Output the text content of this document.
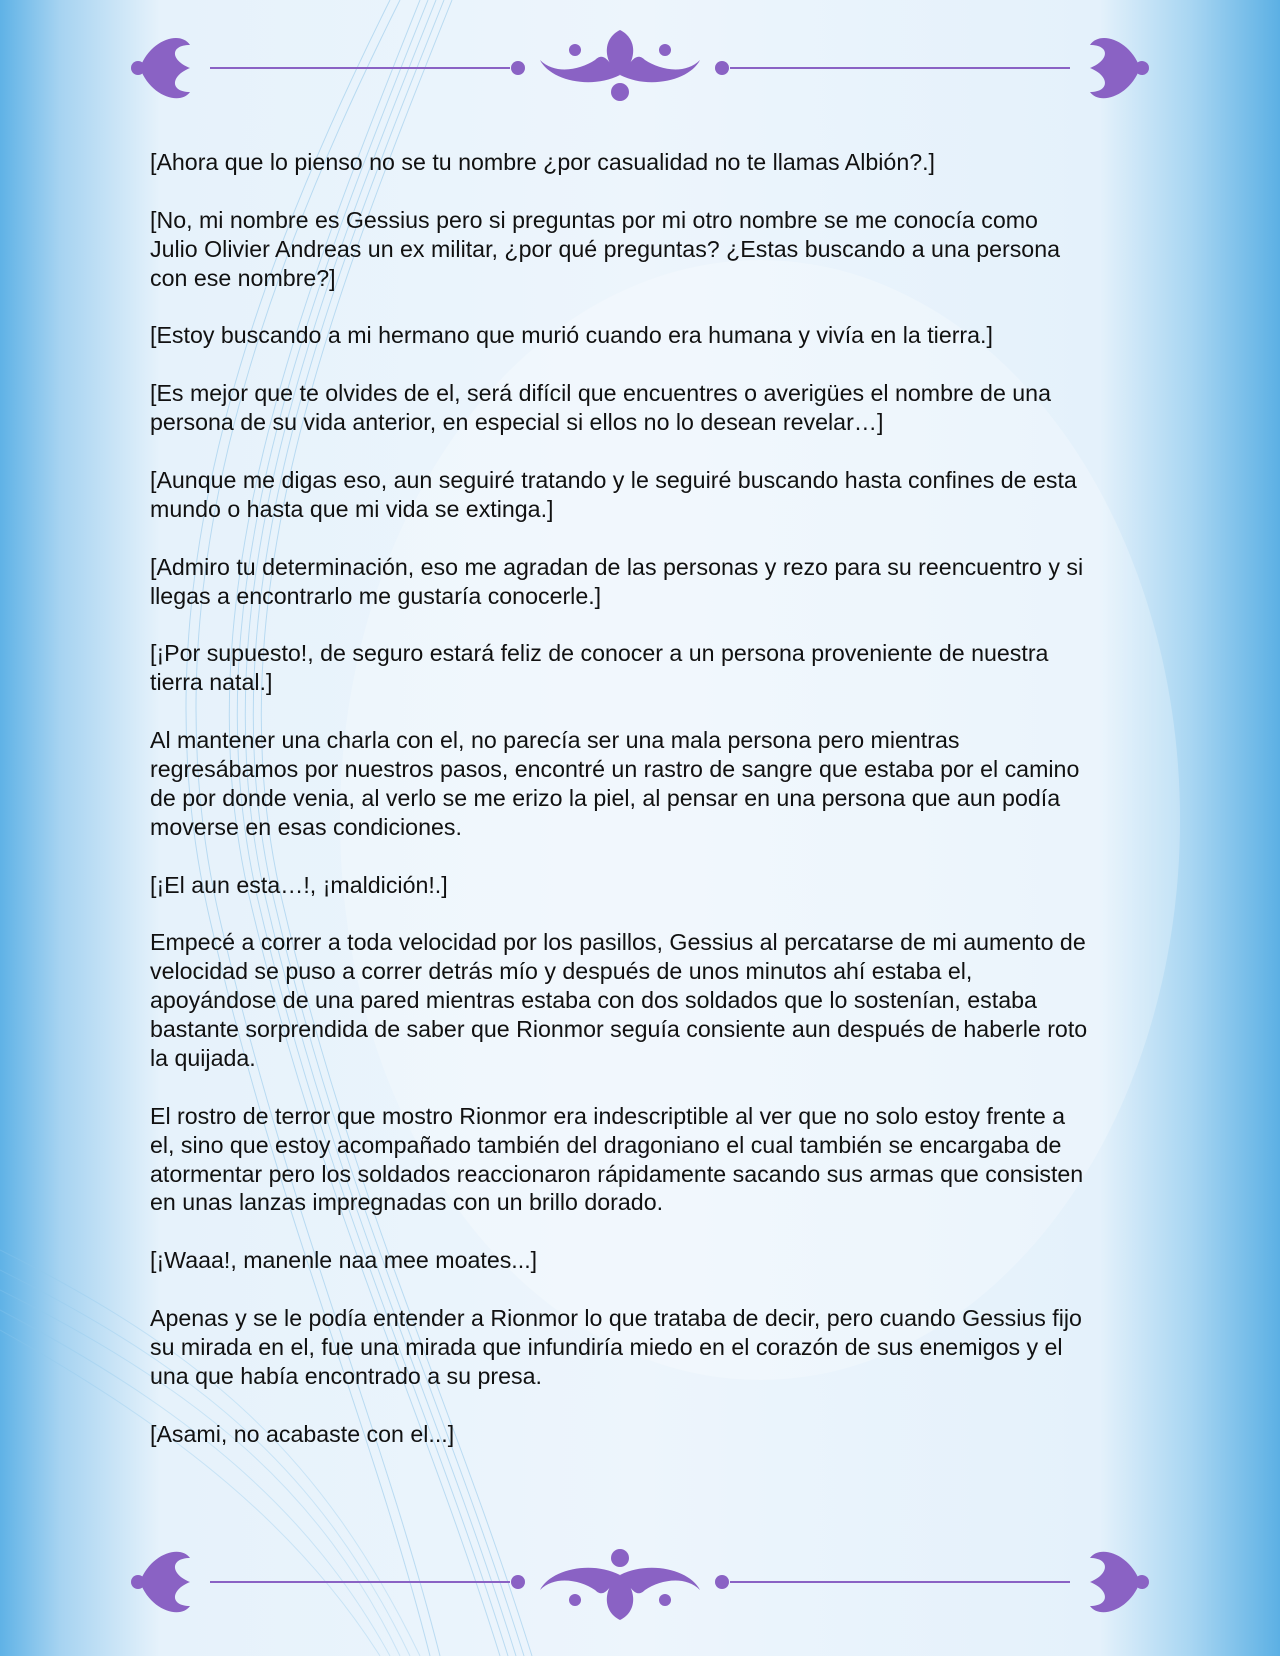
[Ahora que lo pienso no se tu nombre ¿por casualidad no te llamas Albión?.]

[No, mi nombre es Gessius pero si preguntas por mi otro nombre se me conocía como Julio Olivier Andreas un ex militar, ¿por qué preguntas? ¿Estas buscando a una persona con ese nombre?]

[Estoy buscando a mi hermano que murió cuando era humana y vivía en la tierra.]

[Es mejor que te olvides de el, será difícil que encuentres o averigües el nombre de una persona de su vida anterior, en especial si ellos no lo desean revelar…]

[Aunque me digas eso, aun seguiré tratando y le seguiré buscando hasta confines de esta mundo o hasta que mi vida se extinga.]

[Admiro tu determinación, eso me agradan de las personas y rezo para su reencuentro y si llegas a encontrarlo me gustaría conocerle.]

[¡Por supuesto!, de seguro estará feliz de conocer a un persona proveniente de nuestra tierra natal.]

Al mantener una charla con el, no parecía ser una mala persona pero mientras regresábamos por nuestros pasos, encontré un rastro de sangre que estaba por el camino de por donde venia, al verlo se me erizo la piel, al pensar en una persona que aun podía moverse en esas condiciones.

[¡El aun esta…!, ¡maldición!.]

Empecé a correr a toda velocidad por los pasillos, Gessius al percatarse de mi aumento de velocidad se puso a correr detrás mío y después de unos minutos ahí estaba el, apoyándose de una pared mientras estaba con dos soldados que lo sostenían, estaba bastante sorprendida de saber que Rionmor seguía consiente aun después de haberle roto la quijada.

El rostro de terror que mostro Rionmor era indescriptible al ver que no solo estoy frente a el, sino que estoy acompañado también del dragoniano el cual también se encargaba de atormentar pero los soldados reaccionaron rápidamente sacando sus armas que consisten en unas lanzas impregnadas con un brillo dorado.

[¡Waaa!, manenle naa mee moates...]

Apenas y se le podía entender a Rionmor lo que trataba de decir, pero cuando Gessius fijo su mirada en el, fue una mirada que infundiría miedo en el corazón de sus enemigos y el una que había encontrado a su presa.

[Asami, no acabaste con el...]
